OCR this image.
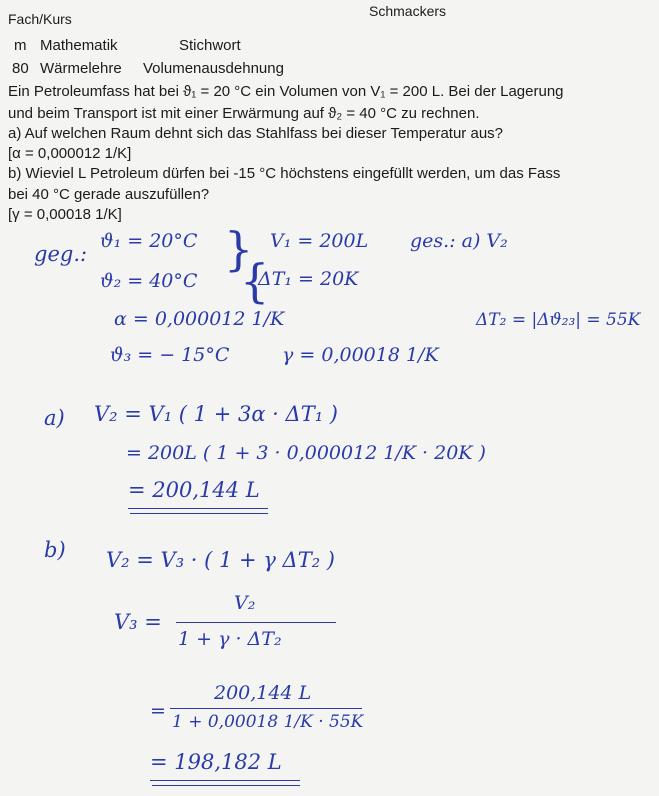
Schmackers
Fach/Kurs
m Mathematik	Stichwort
80 Wärmelehre Volumenausdehnung
Ein Petroleumfass hat bei ϑ₁ = 20 °C ein Volumen von V₁ = 200 L. Bei der Lagerung
und beim Transport ist mit einer Erwärmung auf ϑ₂ = 40 °C zu rechnen.
a) Auf welchen Raum dehnt sich das Stahlfass bei dieser Temperatur aus?
[α = 0,000012 1/K]
b) Wieviel L Petroleum dürfen bei -15 °C höchstens eingefüllt werden, um das Fass
bei 40 °C gerade auszufüllen?
[γ = 0,00018 1/K]
geg.:
ϑ₁ = 20°C
ϑ₂ = 40°C
}
{
V₁ = 200L
ΔT₁ = 20K
ges.: a) V₂
α = 0,000012 1/K	ΔT₂ = |Δϑ₂₃| = 55K
ϑ₃ = − 15°C	γ = 0,00018 1/K
a) V₂ = V₁ ( 1 + 3α · ΔT₁ )
= 200L ( 1 + 3 · 0,000012 1/K · 20K )
= 200,144 L
b) V₂ = V₃ · ( 1 + γ ΔT₂ )
V₃ =
V₂
1 + γ · ΔT₂
=
200,144 L
1 + 0,00018 1/K · 55K
= 198,182 L
